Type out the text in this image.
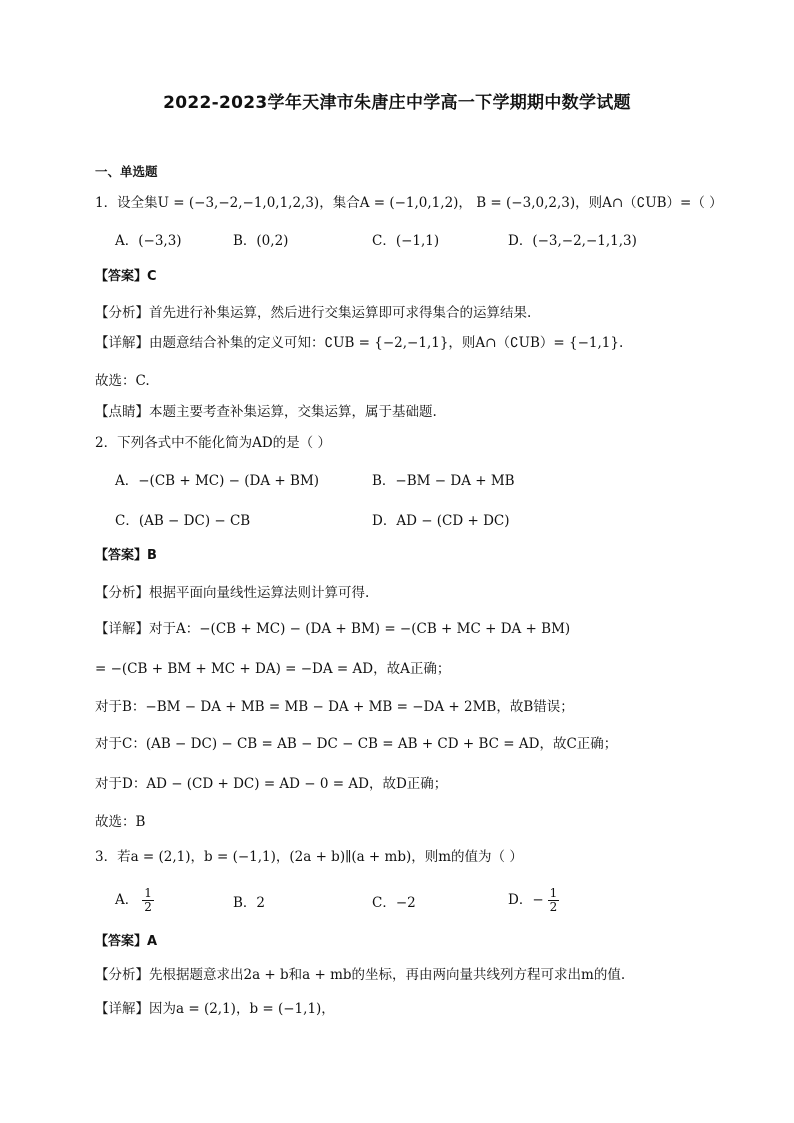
2022-2023学年天津市朱唐庄中学高一下学期期中数学试题
一、单选题
1．设全集U = (−3,−2,−1,0,1,2,3)，集合A = (−1,0,1,2)， B = (−3,0,2,3)，则A∩（∁UB）=（ ）
A．(−3,3)	B．(0,2)	C．(−1,1)	D．(−3,−2,−1,1,3)
【答案】C
【分析】首先进行补集运算，然后进行交集运算即可求得集合的运算结果.
【详解】由题意结合补集的定义可知：∁UB = {−2,−1,1}，则A∩（∁UB）= {−1,1}.
故选：C.
【点睛】本题主要考查补集运算，交集运算，属于基础题.
2．下列各式中不能化简为AD的是（ ）
A．−(CB + MC) − (DA + BM)	B．−BM − DA + MB
C．(AB − DC) − CB	D．AD − (CD + DC)
【答案】B
【分析】根据平面向量线性运算法则计算可得.
【详解】对于A：−(CB + MC) − (DA + BM) = −(CB + MC + DA + BM)
= −(CB + BM + MC + DA) = −DA = AD，故A正确；
对于B：−BM − DA + MB = MB − DA + MB = −DA + 2MB，故B错误；
对于C：(AB − DC) − CB = AB − DC − CB = AB + CD + BC = AD，故C正确；
对于D：AD − (CD + DC) = AD − 0 = AD，故D正确；
故选：B
3．若a = (2,1)，b = (−1,1)，(2a + b)∥(a + mb)，则m的值为（ ）
A． $\frac{1}{2}$	B．2	C．−2	D．− $\frac{1}{2}$
【答案】A
【分析】先根据题意求出2a + b和a + mb的坐标，再由两向量共线列方程可求出m的值.
【详解】因为a = (2,1)，b = (−1,1)，
